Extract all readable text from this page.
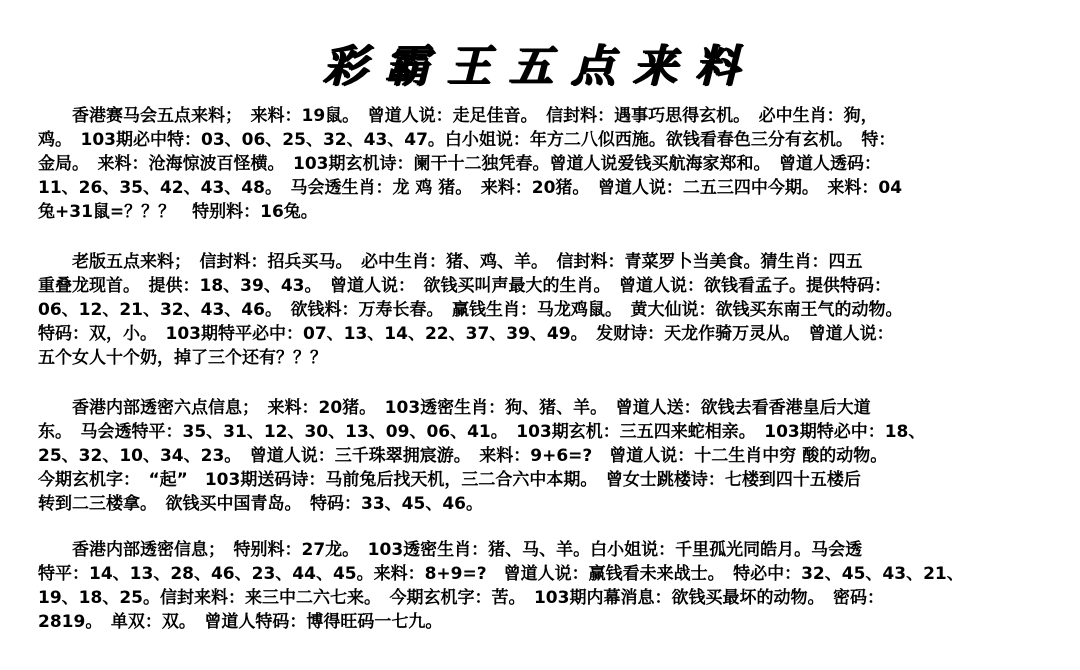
彩霸王五点来料
　　香港赛马会五点来料；　来料：19鼠。　曾道人说：走足佳音。　信封料：遇事巧思得玄机。　必中生肖：狗，
鸡。　103期必中特：03、06、25、32、43、47。白小姐说：年方二八似西施。欲钱看春色三分有玄机。　特：
金局。　来料：沧海惊波百怪横。　103期玄机诗：阑干十二独凭春。曾道人说爱钱买航海家郑和。　曾道人透码：
11、26、35、42、43、48。　马会透生肖：龙 鸡 猪。　来料：20猪。　曾道人说：二五三四中今期。　来料：04
兔+31鼠=？？？　特别料：16兔。
　　老版五点来料；　信封料：招兵买马。　必中生肖：猪、鸡、羊。　信封料：青菜罗卜当美食。猜生肖：四五
重叠龙现首。　提供：18、39、43。　曾道人说：　欲钱买叫声最大的生肖。　曾道人说：欲钱看孟子。提供特码：
06、12、21、32、43、46。　欲钱料：万寿长春。　赢钱生肖：马龙鸡鼠。　黄大仙说：欲钱买东南王气的动物。
特码：双，小。　103期特平必中：07、13、14、22、37、39、49。　发财诗：天龙作骑万灵从。　曾道人说：
五个女人十个奶，掉了三个还有？？？
　　香港内部透密六点信息；　来料：20猪。　103透密生肖：狗、猪、羊。　曾道人送：欲钱去看香港皇后大道
东。　马会透特平：35、31、12、30、13、09、06、41。　103期玄机：三五四来蛇相亲。　103期特必中：18、
25、32、10、34、23。　曾道人说：三千珠翠拥宸游。　来料：9+6=?　曾道人说：十二生肖中穷 酸的动物。
今期玄机字：　“起”　103期送码诗：马前兔后找天机，三二合六中本期。　曾女士跳楼诗：七楼到四十五楼后
转到二三楼拿。　欲钱买中国青岛。　特码：33、45、46。
　　香港内部透密信息；　特别料：27龙。　103透密生肖：猪、马、羊。白小姐说：千里孤光同皓月。马会透
特平：14、13、28、46、23、44、45。来料：8+9=?　曾道人说：赢钱看未来战士。　特必中：32、45、43、21、
19、18、25。信封来料：来三中二六七来。　今期玄机字：苦。　103期内幕消息：欲钱买最坏的动物。　密码：
2819。　单双：双。　曾道人特码：博得旺码一七九。
